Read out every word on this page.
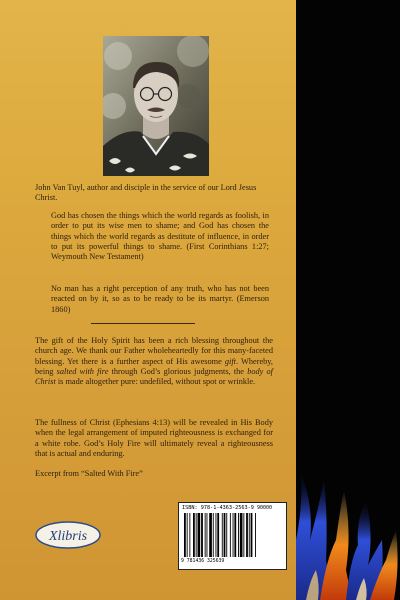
John Van Tuyl, author and disciple in the service of our Lord Jesus Christ.
God has chosen the things which the world regards as foolish, in order to put its wise men to shame; and God has chosen the things which the world regards as destitute of influence, in order to put its powerful things to shame. (First Corinthians 1:27; Weymouth New Testament)
No man has a right perception of any truth, who has not been reacted on by it, so as to be ready to be its martyr. (Emerson 1860)
The gift of the Holy Spirit has been a rich blessing throughout the church age. We thank our Father wholeheartedly for this many-faceted blessing. Yet there is a further aspect of His awesome gift. Whereby, being salted with fire through God’s glorious judgments, the body of Christ is made altogether pure: undefiled, without spot or wrinkle.
The fullness of Christ (Ephesians 4:13) will be revealed in His Body when the legal arrangement of imputed righteousness is exchanged for a white robe. God’s Holy Fire will ultimately reveal a righteousness that is actual and enduring.
Excerpt from “Salted With Fire”
Xlibris
ISBN: 978-1-4363-2563-9 90000
9 781436 325639
